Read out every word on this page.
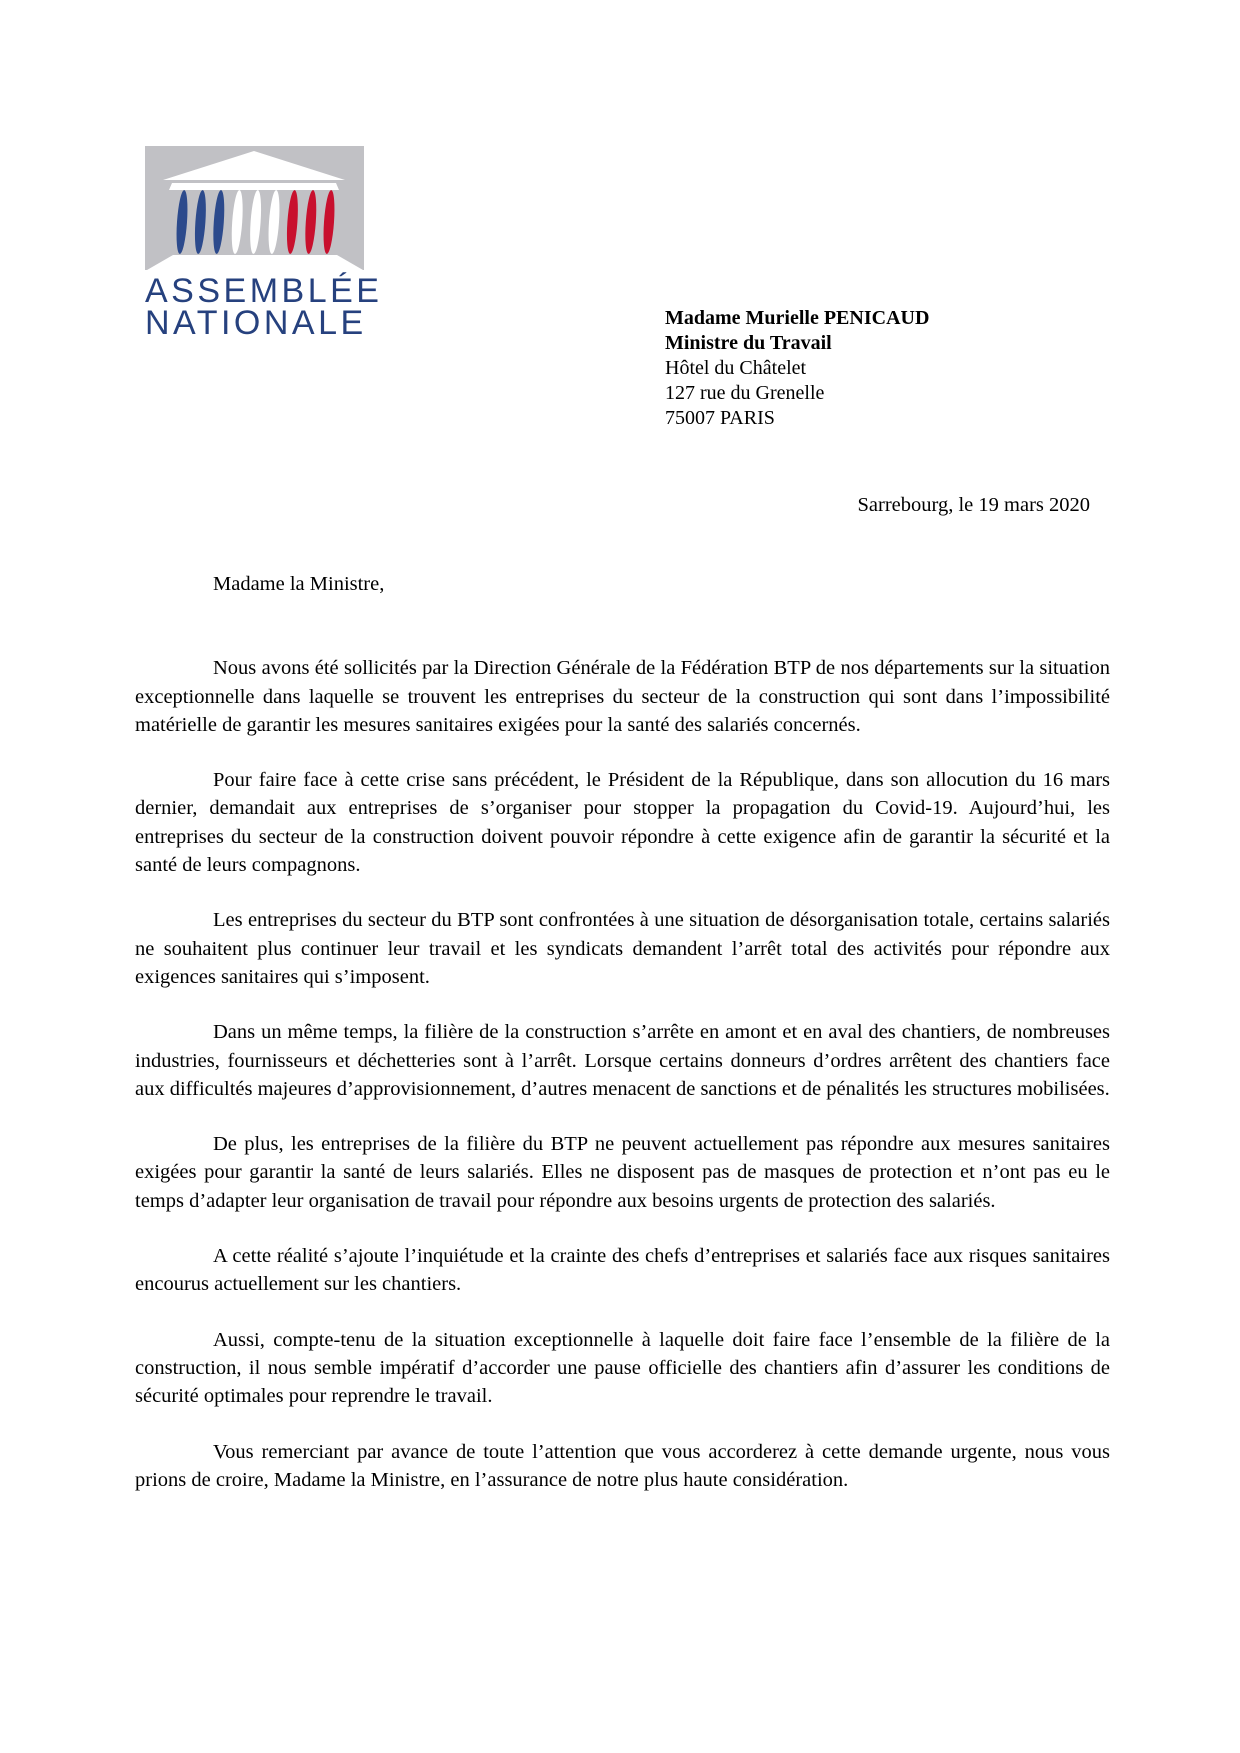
ASSEMBLÉE
NATIONALE	Madame Murielle PENICAUD
Ministre du Travail
Hôtel du Châtelet
127 rue du Grenelle
75007 PARIS
Sarrebourg, le 19 mars 2020

Madame la Ministre,

Nous avons été sollicités par la Direction Générale de la Fédération BTP de nos départements sur la situation exceptionnelle dans laquelle se trouvent les entreprises du secteur de la construction qui sont dans l’impossibilité matérielle de garantir les mesures sanitaires exigées pour la santé des salariés concernés.

Pour faire face à cette crise sans précédent, le Président de la République, dans son allocution du 16 mars dernier, demandait aux entreprises de s’organiser pour stopper la propagation du Covid-19. Aujourd’hui, les entreprises du secteur de la construction doivent pouvoir répondre à cette exigence afin de garantir la sécurité et la santé de leurs compagnons.

Les entreprises du secteur du BTP sont confrontées à une situation de désorganisation totale, certains salariés ne souhaitent plus continuer leur travail et les syndicats demandent l’arrêt total des activités pour répondre aux exigences sanitaires qui s’imposent.

Dans un même temps, la filière de la construction s’arrête en amont et en aval des chantiers, de nombreuses industries, fournisseurs et déchetteries sont à l’arrêt. Lorsque certains donneurs d’ordres arrêtent des chantiers face aux difficultés majeures d’approvisionnement, d’autres menacent de sanctions et de pénalités les structures mobilisées.

De plus, les entreprises de la filière du BTP ne peuvent actuellement pas répondre aux mesures sanitaires exigées pour garantir la santé de leurs salariés. Elles ne disposent pas de masques de protection et n’ont pas eu le temps d’adapter leur organisation de travail pour répondre aux besoins urgents de protection des salariés.

A cette réalité s’ajoute l’inquiétude et la crainte des chefs d’entreprises et salariés face aux risques sanitaires encourus actuellement sur les chantiers.

Aussi, compte-tenu de la situation exceptionnelle à laquelle doit faire face l’ensemble de la filière de la construction, il nous semble impératif d’accorder une pause officielle des chantiers afin d’assurer les conditions de sécurité optimales pour reprendre le travail.

Vous remerciant par avance de toute l’attention que vous accorderez à cette demande urgente, nous vous prions de croire, Madame la Ministre, en l’assurance de notre plus haute considération.
